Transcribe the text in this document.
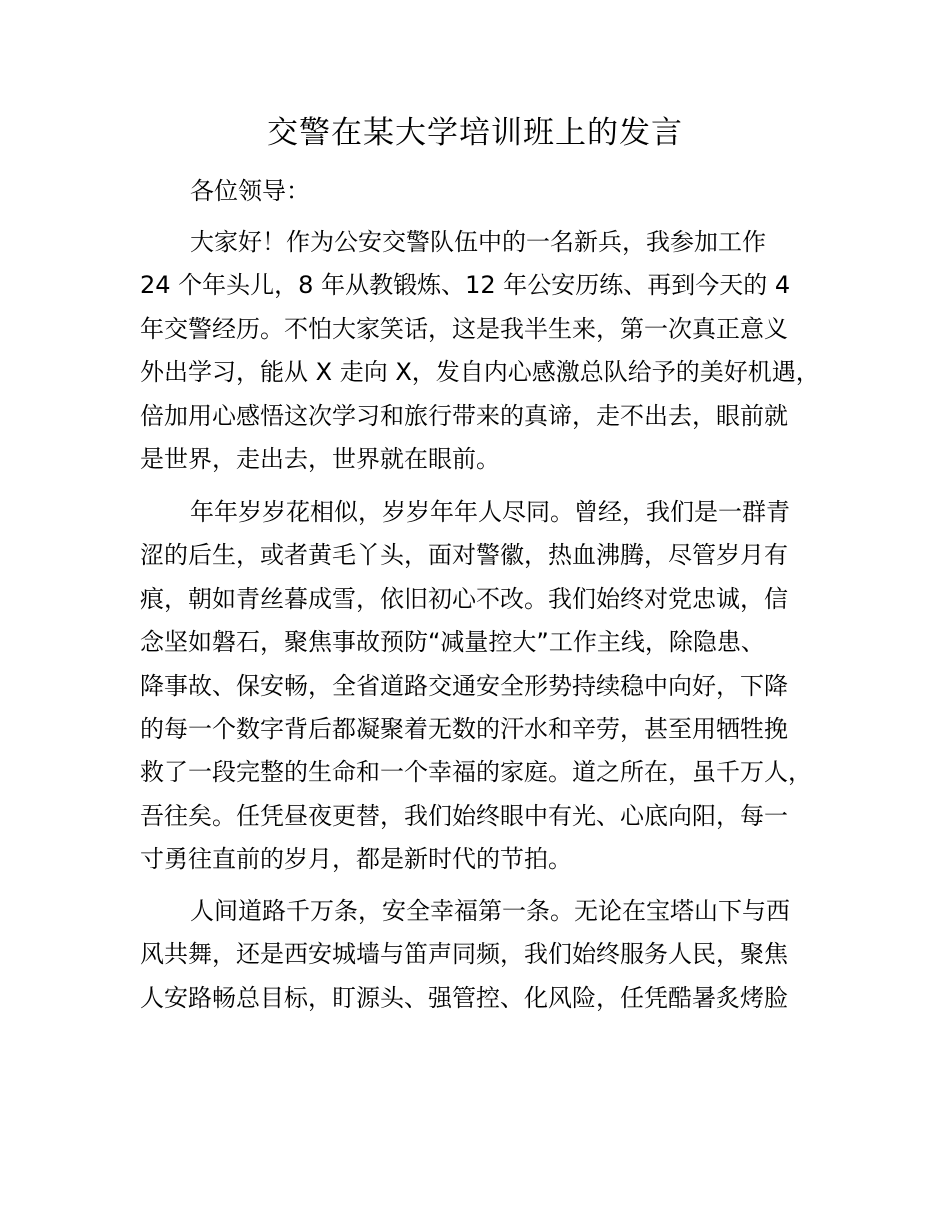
交警在某大学培训班上的发言
各位领导：
大家好！作为公安交警队伍中的一名新兵，我参加工作
24 个年头儿，8 年从教锻炼、12 年公安历练、再到今天的 4
年交警经历。不怕大家笑话，这是我半生来，第一次真正意义
外出学习，能从 X 走向 X，发自内心感激总队给予的美好机遇，
倍加用心感悟这次学习和旅行带来的真谛，走不出去，眼前就
是世界，走出去，世界就在眼前。
年年岁岁花相似，岁岁年年人尽同。曾经，我们是一群青
涩的后生，或者黄毛丫头，面对警徽，热血沸腾，尽管岁月有
痕，朝如青丝暮成雪，依旧初心不改。我们始终对党忠诚，信
念坚如磐石，聚焦事故预防“减量控大”工作主线，除隐患、
降事故、保安畅，全省道路交通安全形势持续稳中向好，下降
的每一个数字背后都凝聚着无数的汗水和辛劳，甚至用牺牲挽
救了一段完整的生命和一个幸福的家庭。道之所在，虽千万人，
吾往矣。任凭昼夜更替，我们始终眼中有光、心底向阳，每一
寸勇往直前的岁月，都是新时代的节拍。
人间道路千万条，安全幸福第一条。无论在宝塔山下与西
风共舞，还是西安城墙与笛声同频，我们始终服务人民，聚焦
人安路畅总目标，盯源头、强管控、化风险，任凭酷暑炙烤脸
